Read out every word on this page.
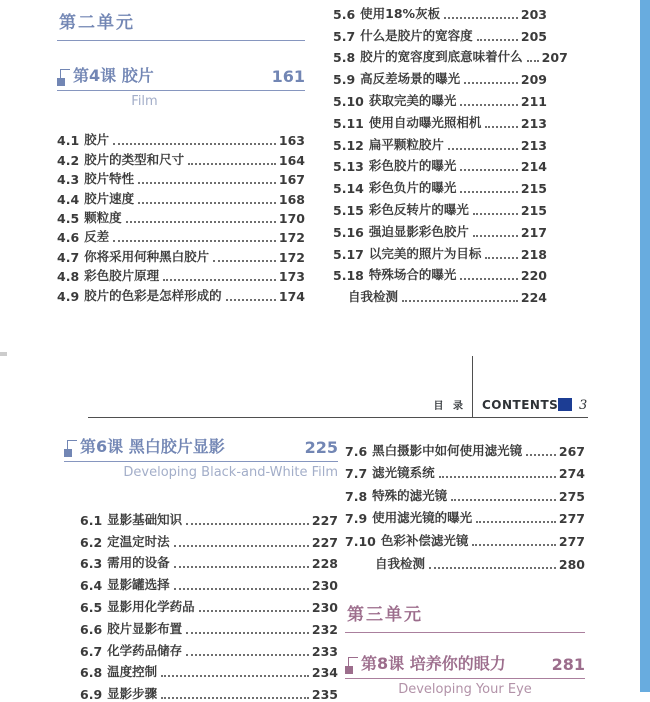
第二单元
第4课 胶片	161
Film
4.1 胶片	163
4.2 胶片的类型和尺寸	164
4.3 胶片特性	167
4.4 胶片速度	168
4.5 颗粒度	170
4.6 反差	172
4.7 你将采用何种黑白胶片	172
4.8 彩色胶片原理	173
4.9 胶片的色彩是怎样形成的	174
5.6 使用18%灰板	203
5.7 什么是胶片的宽容度	205
5.8 胶片的宽容度到底意味着什么 207
5.9 高反差场景的曝光	209
5.10 获取完美的曝光	211
5.11 使用自动曝光照相机	213
5.12 扁平颗粒胶片	213
5.13 彩色胶片的曝光	214
5.14 彩色负片的曝光	215
5.15 彩色反转片的曝光	215
5.16 强迫显影彩色胶片	217
5.17 以完美的照片为目标	218
5.18 特殊场合的曝光	220
自我检测	224
目 录 CONTENTS 3
第6课 黑白胶片显影	225
Developing Black-and-White Film
6.1 显影基础知识	227
6.2 定温定时法	227
6.3 需用的设备	228
6.4 显影罐选择	230
6.5 显影用化学药品	230
6.6 胶片显影布置	232
6.7 化学药品储存	233
6.8 温度控制	234
6.9 显影步骤	235
7.6 黑白摄影中如何使用滤光镜	267
7.7 滤光镜系统	274
7.8 特殊的滤光镜	275
7.9 使用滤光镜的曝光	277
7.10 色彩补偿滤光镜	277
自我检测	280
第三单元
第8课 培养你的眼力	281
Developing Your Eye
